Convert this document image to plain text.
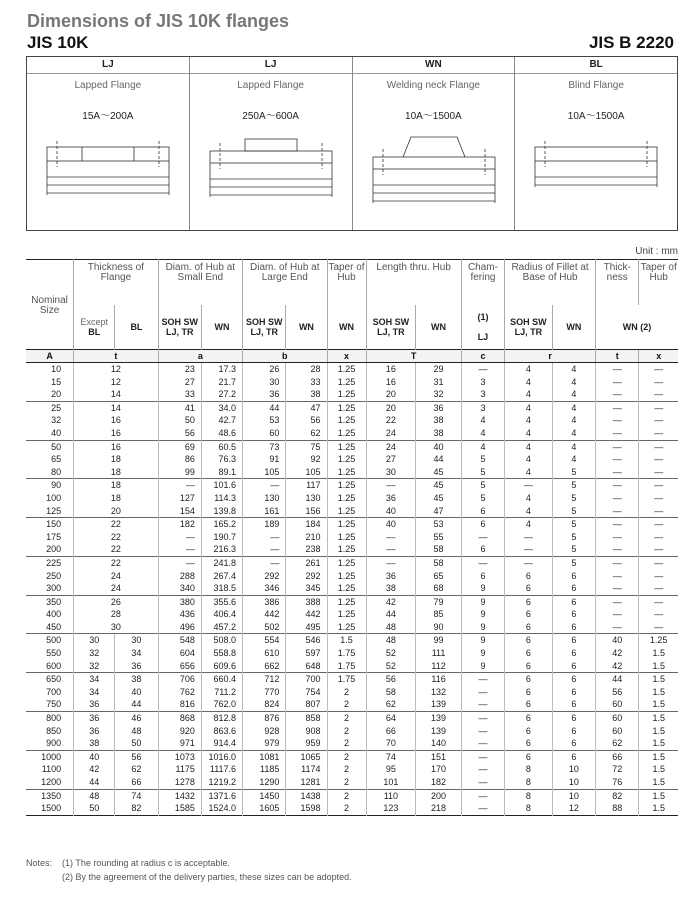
Dimensions of JIS 10K flanges
JIS 10K	JIS B 2220
LJ
Lapped Flange
15A～200A
LJ
Lapped Flange
250A～600A
WN
Welding neck Flange
10A～1500A
BL
Blind Flange
10A～1500A
Unit : mm
Nominal Size	Thickness of Flange		Diam. of Hub at Small End		Diam. of Hub at Large End		Taper of Hub	Length thru. Hub		Cham- fering	Radius of Fillet at Base of Hub		Thick- ness	Taper of Hub
	Except
BL	BL	SOH SW LJ, TR	WN	SOH SW LJ, TR	WN	WN	SOH SW LJ, TR	WN	(1)

LJ	SOH SW LJ, TR	WN	WN (2)	
A	t		a		b		x	T		c	r		t	x
10	12		23	17.3	26	28	1.25	16	29	—	4	4	—	—
15	12		27	21.7	30	33	1.25	16	31	3	4	4	—	—
20	14		33	27.2	36	38	1.25	20	32	3	4	4	—	—
25	14		41	34.0	44	47	1.25	20	36	3	4	4	—	—
32	16		50	42.7	53	56	1.25	22	38	4	4	4	—	—
40	16		56	48.6	60	62	1.25	24	38	4	4	4	—	—
50	16		69	60.5	73	75	1.25	24	40	4	4	4	—	—
65	18		86	76.3	91	92	1.25	27	44	5	4	4	—	—
80	18		99	89.1	105	105	1.25	30	45	5	4	5	—	—
90	18		—	101.6	—	117	1.25	—	45	5	—	5	—	—
100	18		127	114.3	130	130	1.25	36	45	5	4	5	—	—
125	20		154	139.8	161	156	1.25	40	47	6	4	5	—	—
150	22		182	165.2	189	184	1.25	40	53	6	4	5	—	—
175	22		—	190.7	—	210	1.25	—	55	—	—	5	—	—
200	22		—	216.3	—	238	1.25	—	58	6	—	5	—	—
225	22		—	241.8	—	261	1.25	—	58	—	—	5	—	—
250	24		288	267.4	292	292	1.25	36	65	6	6	6	—	—
300	24		340	318.5	346	345	1.25	38	68	9	6	6	—	—
350	26		380	355.6	386	388	1.25	42	79	9	6	6	—	—
400	28		436	406.4	442	442	1.25	44	85	9	6	6	—	—
450	30		496	457.2	502	495	1.25	48	90	9	6	6	—	—
500	30	30	548	508.0	554	546	1.5	48	99	9	6	6	40	1.25
550	32	34	604	558.8	610	597	1.75	52	111	9	6	6	42	1.5
600	32	36	656	609.6	662	648	1.75	52	112	9	6	6	42	1.5
650	34	38	706	660.4	712	700	1.75	56	116	—	6	6	44	1.5
700	34	40	762	711.2	770	754	2	58	132	—	6	6	56	1.5
750	36	44	816	762.0	824	807	2	62	139	—	6	6	60	1.5
800	36	46	868	812.8	876	858	2	64	139	—	6	6	60	1.5
850	36	48	920	863.6	928	908	2	66	139	—	6	6	60	1.5
900	38	50	971	914.4	979	959	2	70	140	—	6	6	62	1.5
1000	40	56	1073	1016.0	1081	1065	2	74	151	—	6	6	66	1.5
1100	42	62	1175	1117.6	1185	1174	2	95	170	—	8	10	72	1.5
1200	44	66	1278	1219.2	1290	1281	2	101	182	—	8	10	76	1.5
1350	48	74	1432	1371.6	1450	1438	2	110	200	—	8	10	82	1.5
1500	50	82	1585	1524.0	1605	1598	2	123	218	—	8	12	88	1.5
Notes: (1) The rounding at radius c is acceptable.
(2) By the agreement of the delivery parties, these sizes can be adopted.
